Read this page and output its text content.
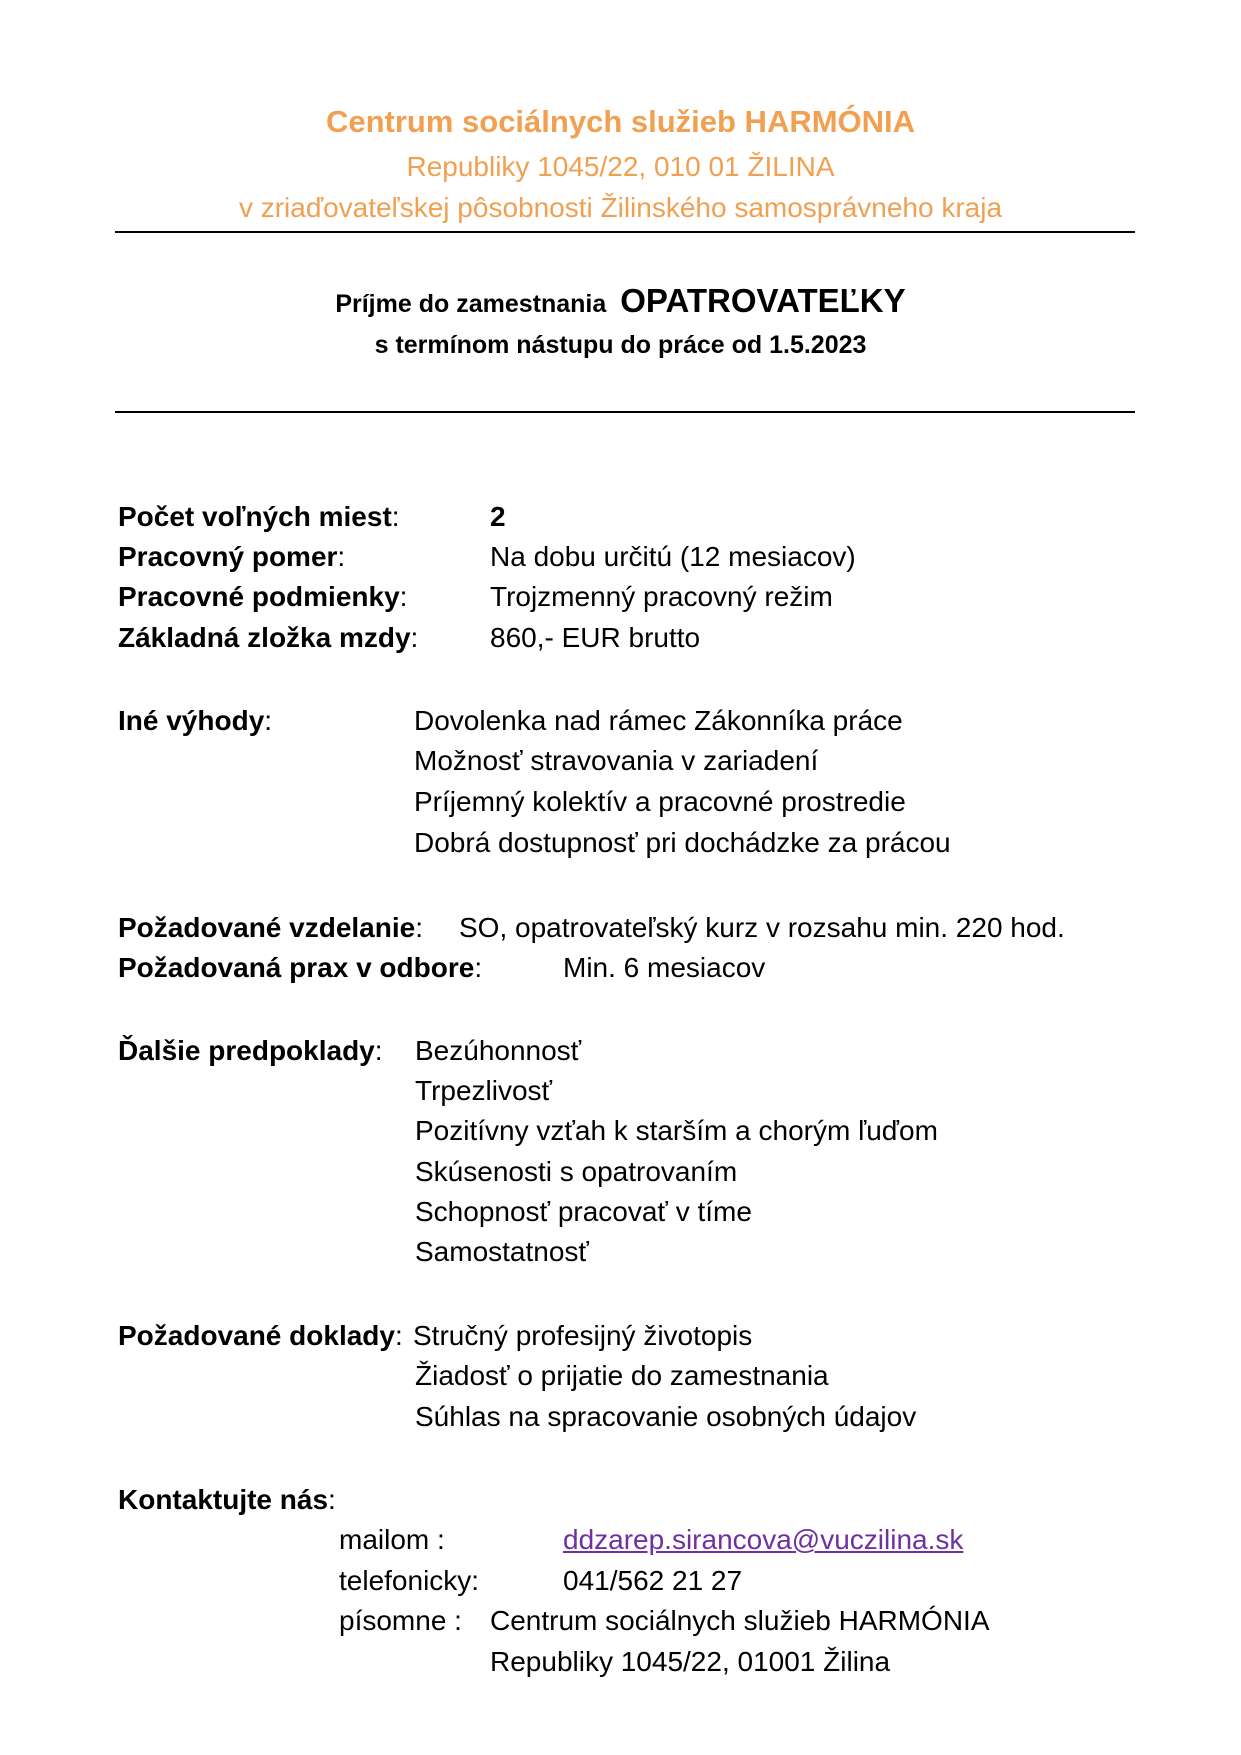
Centrum sociálnych služieb HARMÓNIA
Republiky 1045/22, 010 01 ŽILINA
v zriaďovateľskej pôsobnosti Žilinského samosprávneho kraja
Príjme do zamestnania OPATROVATEĽKY
s termínom nástupu do práce od 1.5.2023
Počet voľných miest:	2
Pracovný pomer:	Na dobu určitú (12 mesiacov)
Pracovné podmienky:	Trojzmenný pracovný režim
Základná zložka mzdy:	860,- EUR brutto
Iné výhody:	Dovolenka nad rámec Zákonníka práce
Možnosť stravovania v zariadení
Príjemný kolektív a pracovné prostredie
Dobrá dostupnosť pri dochádzke za prácou
Požadované vzdelanie: SO, opatrovateľský kurz v rozsahu min. 220 hod.
Požadovaná prax v odbore:	Min. 6 mesiacov
Ďalšie predpoklady: Bezúhonnosť
Trpezlivosť
Pozitívny vzťah k starším a chorým ľuďom
Skúsenosti s opatrovaním
Schopnosť pracovať v tíme
Samostatnosť
Požadované doklady: Stručný profesijný životopis
Žiadosť o prijatie do zamestnania
Súhlas na spracovanie osobných údajov
Kontaktujte nás:
mailom :	ddzarep.sirancova@vuczilina.sk
telefonicky:	041/562 21 27
písomne : Centrum sociálnych služieb HARMÓNIA
Republiky 1045/22, 01001 Žilina
